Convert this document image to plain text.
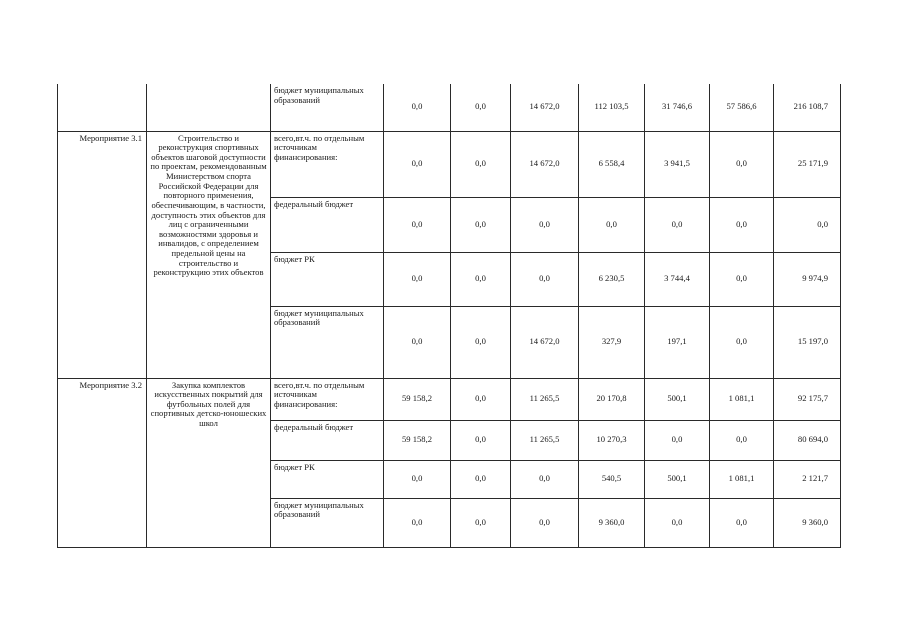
		бюджет муниципальных образований	0,0	0,0	14 672,0	112 103,5	31 746,6	57 586,6	216 108,7
Мероприятие 3.1	Строительство и реконструкция спортивных объектов шаговой доступности по проектам, рекомендованным Министерством спорта Российской Федерации для повторного применения, обеспечивающим, в частности, доступность этих объектов для лиц с ограниченными возможностями здоровья и инвалидов, с определением предельной цены на строительство и реконструкцию этих объектов	всего,вт.ч. по отдельным источникам финансирования:	0,0	0,0	14 672,0	6 558,4	3 941,5	0,0	25 171,9
		федеральный бюджет	0,0	0,0	0,0	0,0	0,0	0,0	0,0
		бюджет РК	0,0	0,0	0,0	6 230,5	3 744,4	0,0	9 974,9
		бюджет муниципальных образований	0,0	0,0	14 672,0	327,9	197,1	0,0	15 197,0
Мероприятие 3.2	Закупка комплектов искусственных покрытий для футбольных полей для спортивных детско-юношеских школ	всего,вт.ч. по отдельным источникам финансирования:	59 158,2	0,0	11 265,5	20 170,8	500,1	1 081,1	92 175,7
		федеральный бюджет	59 158,2	0,0	11 265,5	10 270,3	0,0	0,0	80 694,0
		бюджет РК	0,0	0,0	0,0	540,5	500,1	1 081,1	2 121,7
		бюджет муниципальных образований	0,0	0,0	0,0	9 360,0	0,0	0,0	9 360,0
